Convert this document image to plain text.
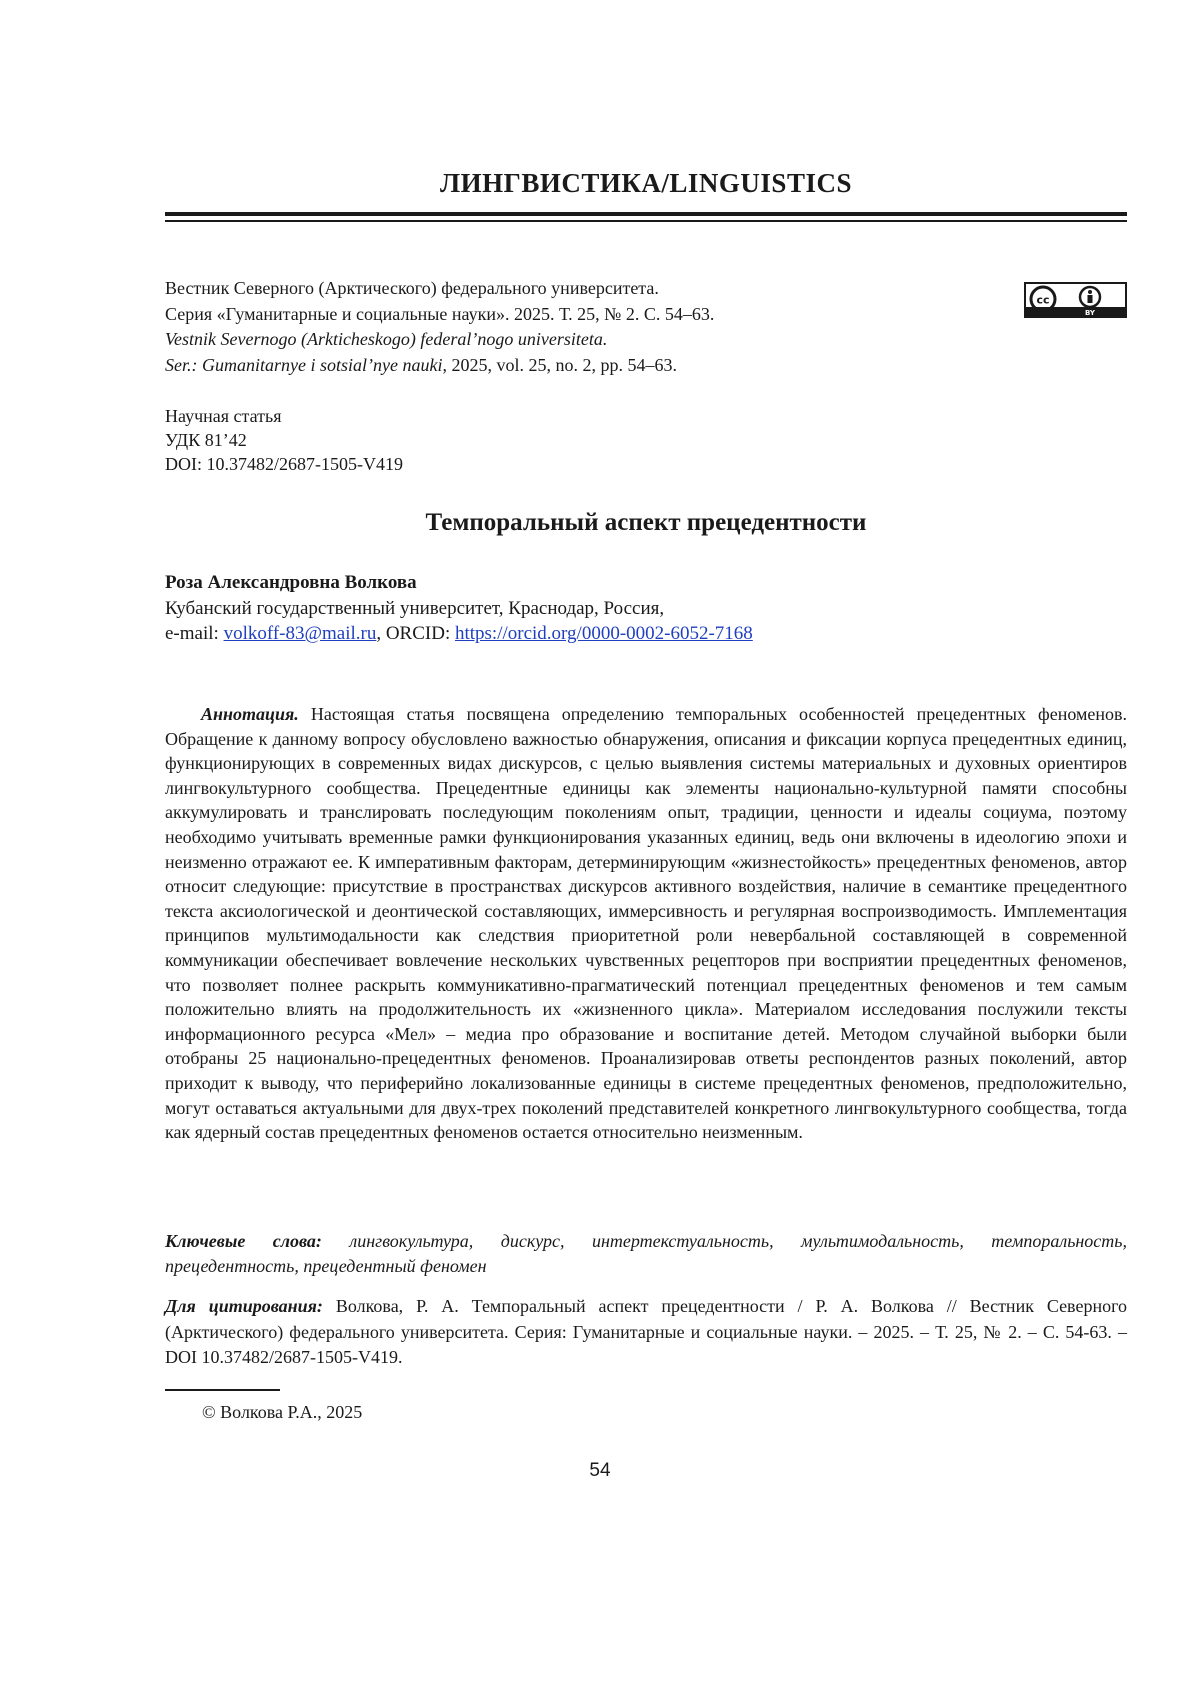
ЛИНГВИСТИКА/LINGUISTICS
Вестник Северного (Арктического) федерального университета.
Серия «Гуманитарные и социальные науки». 2025. Т. 25, № 2. С. 54–63.
Vestnik Severnogo (Arkticheskogo) federal’nogo universiteta.
Ser.: Gumanitarnye i sotsial’nye nauki, 2025, vol. 25, no. 2, pp. 54–63.
cc
BY
Научная статья
УДК 81’42
DOI: 10.37482/2687-1505-V419
Темпоральный аспект прецедентности
Роза Александровна Волкова
Кубанский государственный университет, Краснодар, Россия,
e-mail: volkoff-83@mail.ru, ORCID: https://orcid.org/0000-0002-6052-7168
Аннотация. Настоящая статья посвящена определению темпоральных особенностей прецедентных феноменов. Обращение к данному вопросу обусловлено важностью обнаружения, описания и фиксации корпуса прецедентных единиц, функционирующих в современных видах дискурсов, с целью выявления системы материальных и духовных ориентиров лингвокультурного сообщества. Прецедентные единицы как элементы национально-культурной памяти способны аккумулировать и транслировать последующим поколениям опыт, традиции, ценности и идеалы социума, поэтому необходимо учитывать временные рамки функционирования указанных единиц, ведь они включены в идеологию эпохи и неизменно отражают ее. К императивным факторам, детерминирующим «жизнестойкость» прецедентных феноменов, автор относит следующие: присутствие в пространствах дискурсов активного воздействия, наличие в семантике прецедентного текста аксиологической и деонтической составляющих, иммерсивность и регулярная воспроизводимость. Имплементация принципов мультимодальности как следствия приоритетной роли невербальной составляющей в современной коммуникации обеспечивает вовлечение нескольких чувственных рецепторов при восприятии прецедентных феноменов, что позволяет полнее раскрыть коммуникативно-прагматический потенциал прецедентных феноменов и тем самым положительно влиять на продолжительность их «жизненного цикла». Материалом исследования послужили тексты информационного ресурса «Мел» – медиа про образование и воспитание детей. Методом случайной выборки были отобраны 25 национально-прецедентных феноменов. Проанализировав ответы респондентов разных поколений, автор приходит к выводу, что периферийно локализованные единицы в системе прецедентных феноменов, предположительно, могут оставаться актуальными для двух-трех поколений представителей конкретного лингвокультурного сообщества, тогда как ядерный состав прецедентных феноменов остается относительно неизменным.
Ключевые слова: лингвокультура, дискурс, интертекстуальность, мультимодальность, темпоральность, прецедентность, прецедентный феномен
Для цитирования: Волкова, Р. А. Темпоральный аспект прецедентности / Р. А. Волкова // Вестник Северного (Арктического) федерального университета. Серия: Гуманитарные и социальные науки. – 2025. – Т. 25, № 2. – С. 54-63. – DOI 10.37482/2687-1505-V419.
© Волкова Р.А., 2025
54
